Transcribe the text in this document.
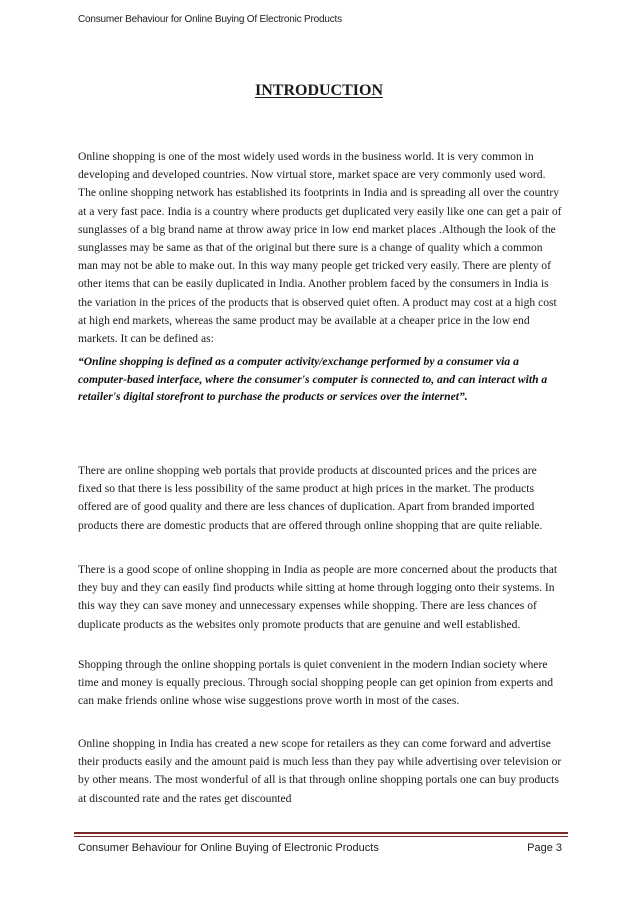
Consumer Behaviour for Online Buying Of Electronic Products
INTRODUCTION

Online shopping is one of the most widely used words in the business world. It is very common in developing and developed countries. Now virtual store, market space are very commonly used word. The online shopping network has established its footprints in India and is spreading all over the country at a very fast pace. India is a country where products get duplicated very easily like one can get a pair of sunglasses of a big brand name at throw away price in low end market places .Although the look of the sunglasses may be same as that of the original but there sure is a change of quality which a common man may not be able to make out. In this way many people get tricked very easily. There are plenty of other items that can be easily duplicated in India. Another problem faced by the consumers in India is the variation in the prices of the products that is observed quiet often. A product may cost at a high cost at high end markets, whereas the same product may be available at a cheaper price in the low end markets. It can be defined as:

“Online shopping is defined as a computer activity/exchange performed by a consumer via a computer-based interface, where the consumer's computer is connected to, and can interact with a retailer's digital storefront to purchase the products or services over the internet”.

There are online shopping web portals that provide products at discounted prices and the prices are fixed so that there is less possibility of the same product at high prices in the market. The products offered are of good quality and there are less chances of duplication. Apart from branded imported products there are domestic products that are offered through online shopping that are quite reliable.

There is a good scope of online shopping in India as people are more concerned about the products that they buy and they can easily find products while sitting at home through logging onto their systems. In this way they can save money and unnecessary expenses while shopping. There are less chances of duplicate products as the websites only promote products that are genuine and well established.

Shopping through the online shopping portals is quiet convenient in the modern Indian society where time and money is equally precious. Through social shopping people can get opinion from experts and can make friends online whose wise suggestions prove worth in most of the cases.

Online shopping in India has created a new scope for retailers as they can come forward and advertise their products easily and the amount paid is much less than they pay while advertising over television or by other means. The most wonderful of all is that through online shopping portals one can buy products at discounted rate and the rates get discounted

Consumer Behaviour for Online Buying of Electronic Products	Page 3
